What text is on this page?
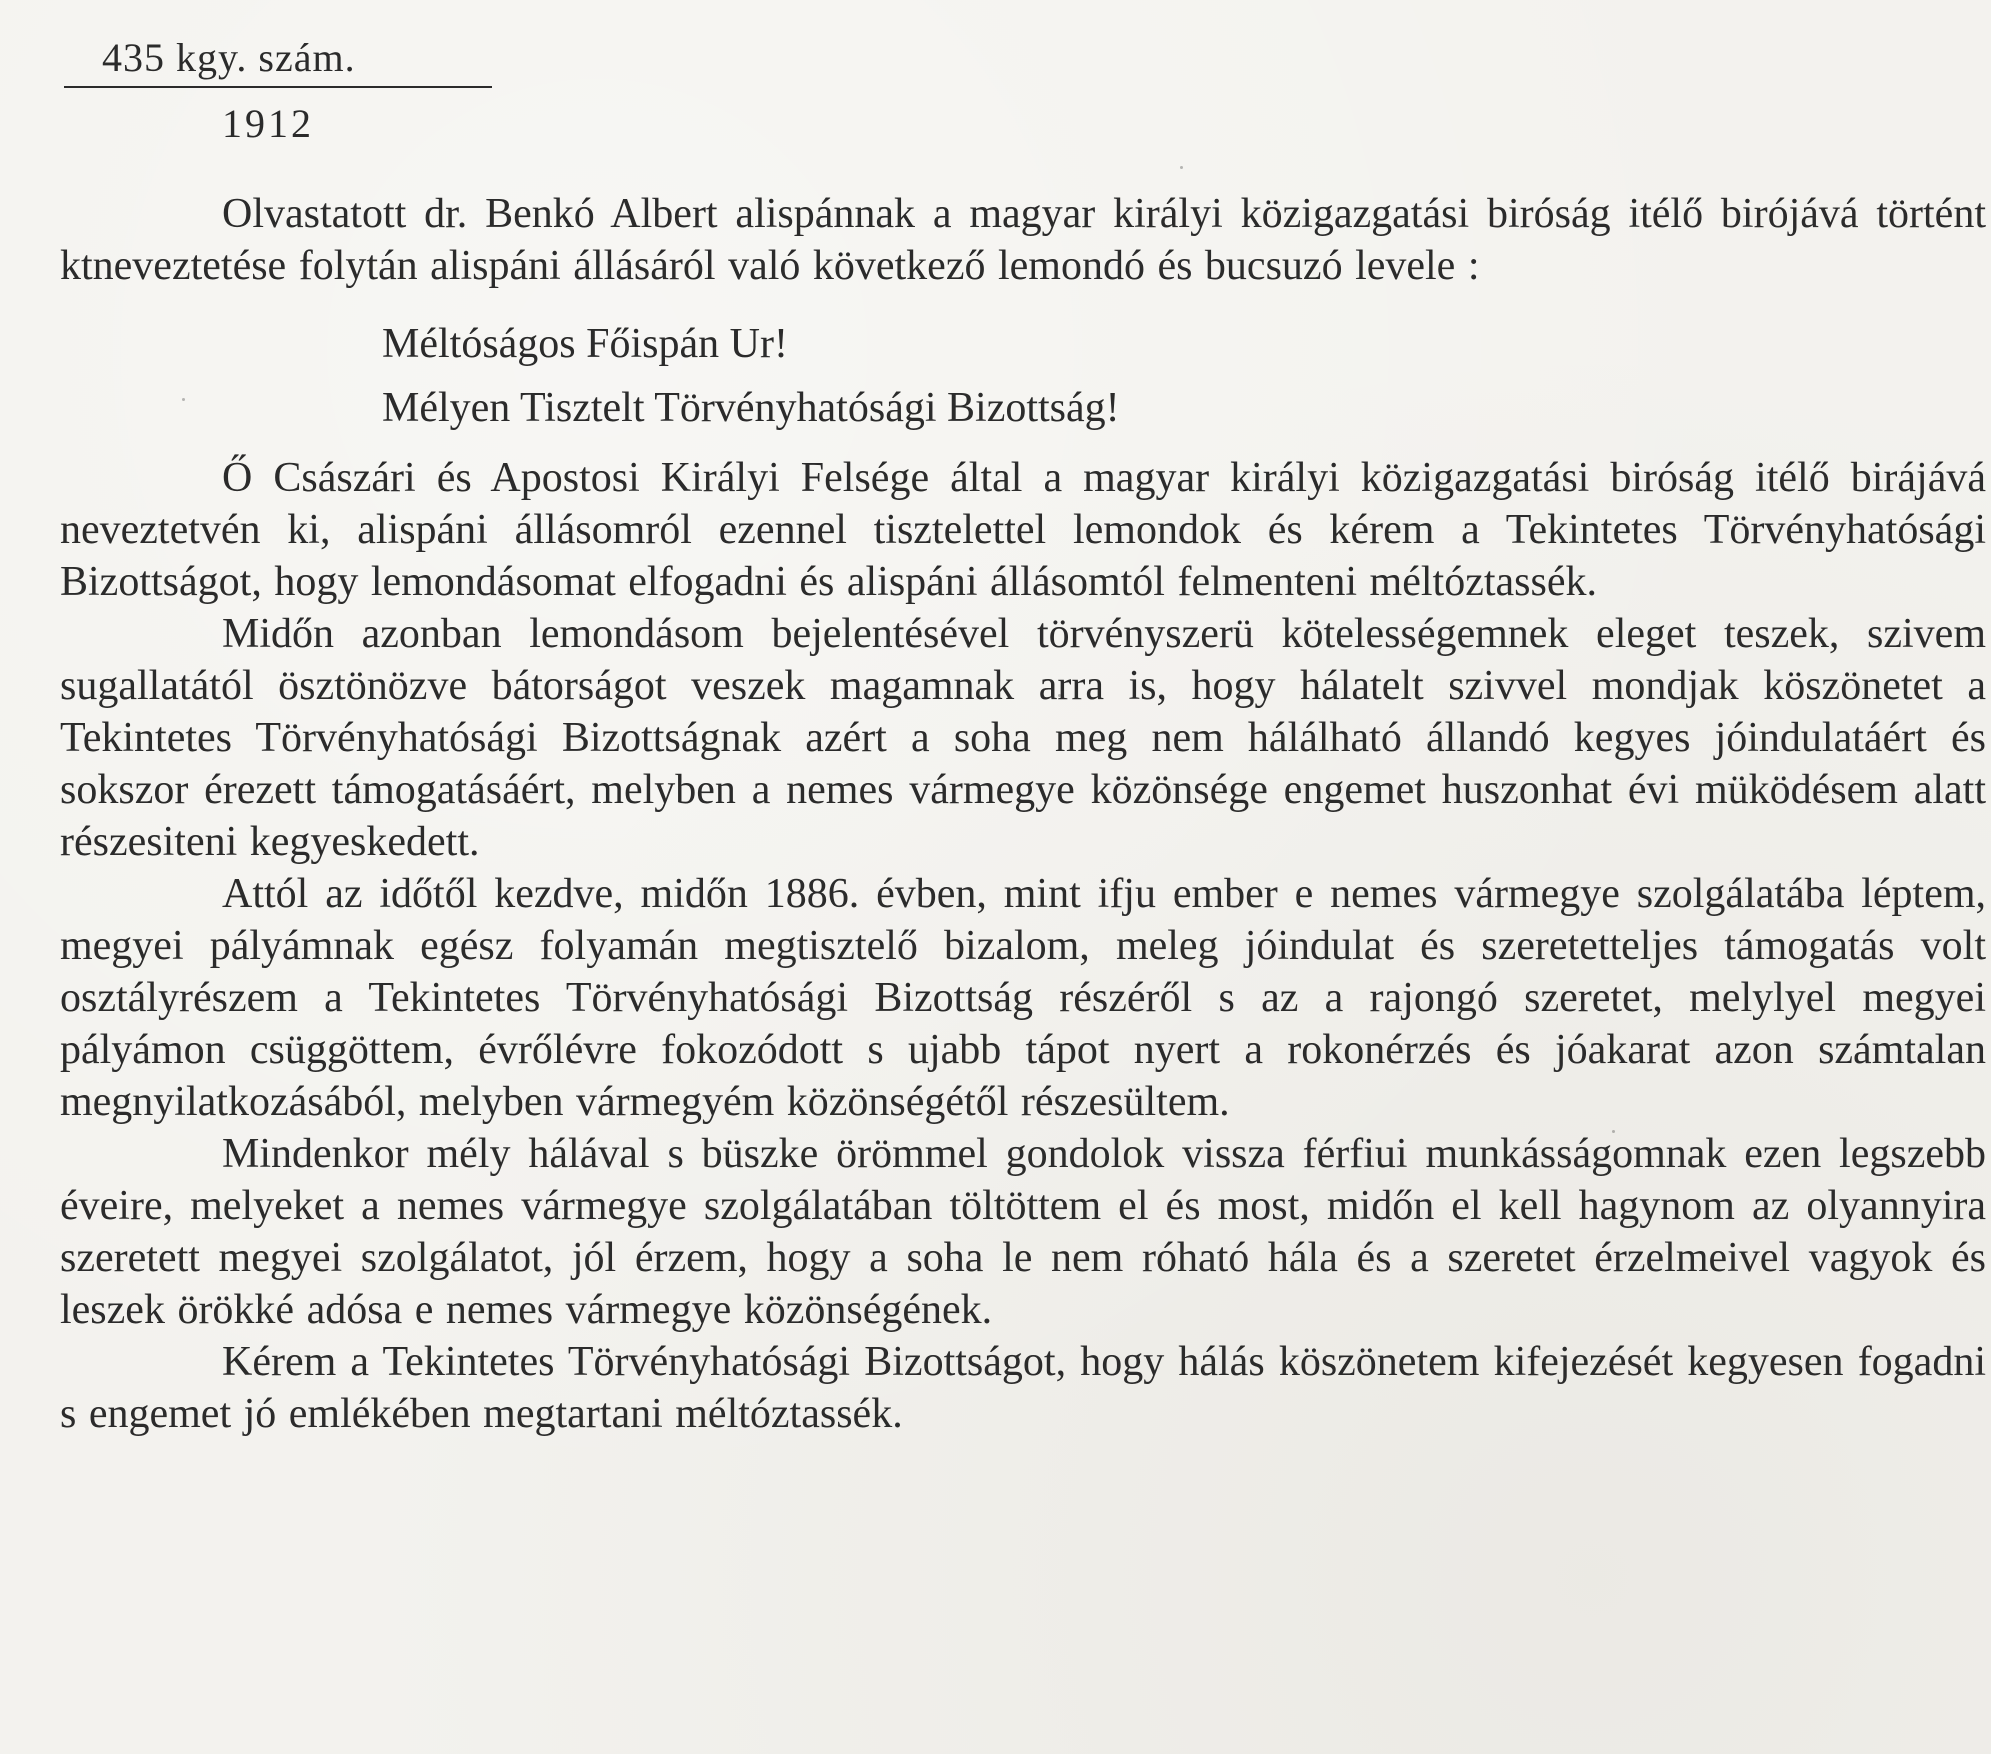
435 kgy. szám.
1912

Olvastatott dr. Benkó Albert alispánnak a magyar királyi közigazgatási biróság itélő birójává történt ktneveztetése folytán alispáni állásáról való következő lemondó és bucsuzó levele :

Méltóságos Főispán Ur!
Mélyen Tisztelt Törvényhatósági Bizottság!

Ő Császári és Apostosi Királyi Felsége által a magyar királyi közigazgatási biróság itélő birájává neveztetvén ki, alispáni állásomról ezennel tisztelettel lemondok és kérem a Tekintetes Törvényhatósági Bizottságot, hogy lemondásomat elfogadni és alispáni állásomtól felmenteni méltóztassék.

Midőn azonban lemondásom bejelentésével törvényszerü kötelességemnek eleget teszek, szivem sugallatától ösztönözve bátorságot veszek magamnak arra is, hogy hálatelt szivvel mondjak köszönetet a Tekintetes Törvényhatósági Bizottságnak azért a soha meg nem hálálható állandó kegyes jóindulatáért és sokszor érezett támogatásáért, melyben a nemes vármegye közönsége engemet huszonhat évi müködésem alatt részesiteni kegyeskedett.

Attól az időtől kezdve, midőn 1886. évben, mint ifju ember e nemes vármegye szolgálatába léptem, megyei pályámnak egész folyamán megtisztelő bizalom, meleg jóindulat és szeretetteljes támogatás volt osztályrészem a Tekintetes Törvényhatósági Bizottság részéről s az a rajongó szeretet, melylyel megyei pályámon csüggöttem, évrőlévre fokozódott s ujabb tápot nyert a rokonérzés és jóakarat azon számtalan megnyilatkozásából, melyben vármegyém közönségétől részesültem.

Mindenkor mély hálával s büszke örömmel gondolok vissza férfiui munkásságomnak ezen legszebb éveire, melyeket a nemes vármegye szolgálatában töltöttem el és most, midőn el kell hagynom az olyannyira szeretett megyei szolgálatot, jól érzem, hogy a soha le nem róható hála és a szeretet érzelmeivel vagyok és leszek örökké adósa e nemes vármegye közönségének.

Kérem a Tekintetes Törvényhatósági Bizottságot, hogy hálás köszönetem kifejezését kegyesen fogadni s engemet jó emlékében megtartani méltóztassék.
